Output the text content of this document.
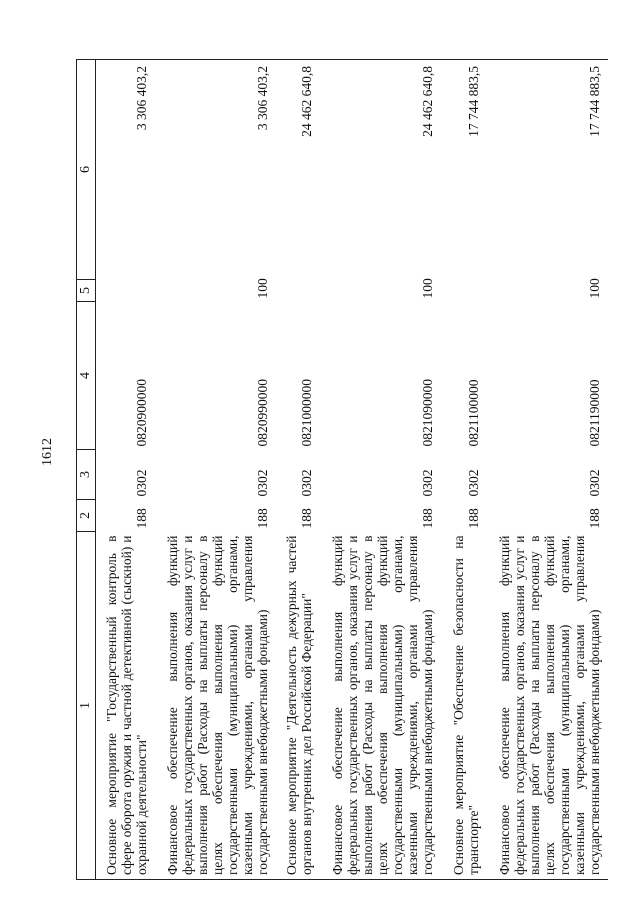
1612
1	2	3	4	5	6
Основное мероприятие "Государственный контроль в сфере оборота оружия и частной детективной (сыскной) и охранной деятельности"	188	0302	0820900000		3 306 403,2
Финансовое обеспечение выполнения функций федеральных государственных органов, оказания услуг и выполнения работ (Расходы на выплаты персоналу в целях обеспечения выполнения функций государственными (муниципальными) органами, казенными учреждениями, органами управления государственными внебюджетными фондами)	188	0302	0820990000	100	3 306 403,2
Основное мероприятие "Деятельность дежурных частей органов внутренних дел Российской Федерации"	188	0302	0821000000		24 462 640,8
Финансовое обеспечение выполнения функций федеральных государственных органов, оказания услуг и выполнения работ (Расходы на выплаты персоналу в целях обеспечения выполнения функций государственными (муниципальными) органами, казенными учреждениями, органами управления государственными внебюджетными фондами)	188	0302	0821090000	100	24 462 640,8
Основное мероприятие "Обеспечение безопасности на транспорте"	188	0302	0821100000		17 744 883,5
Финансовое обеспечение выполнения функций федеральных государственных органов, оказания услуг и выполнения работ (Расходы на выплаты персоналу в целях обеспечения выполнения функций государственными (муниципальными) органами, казенными учреждениями, органами управления государственными внебюджетными фондами)	188	0302	0821190000	100	17 744 883,5
